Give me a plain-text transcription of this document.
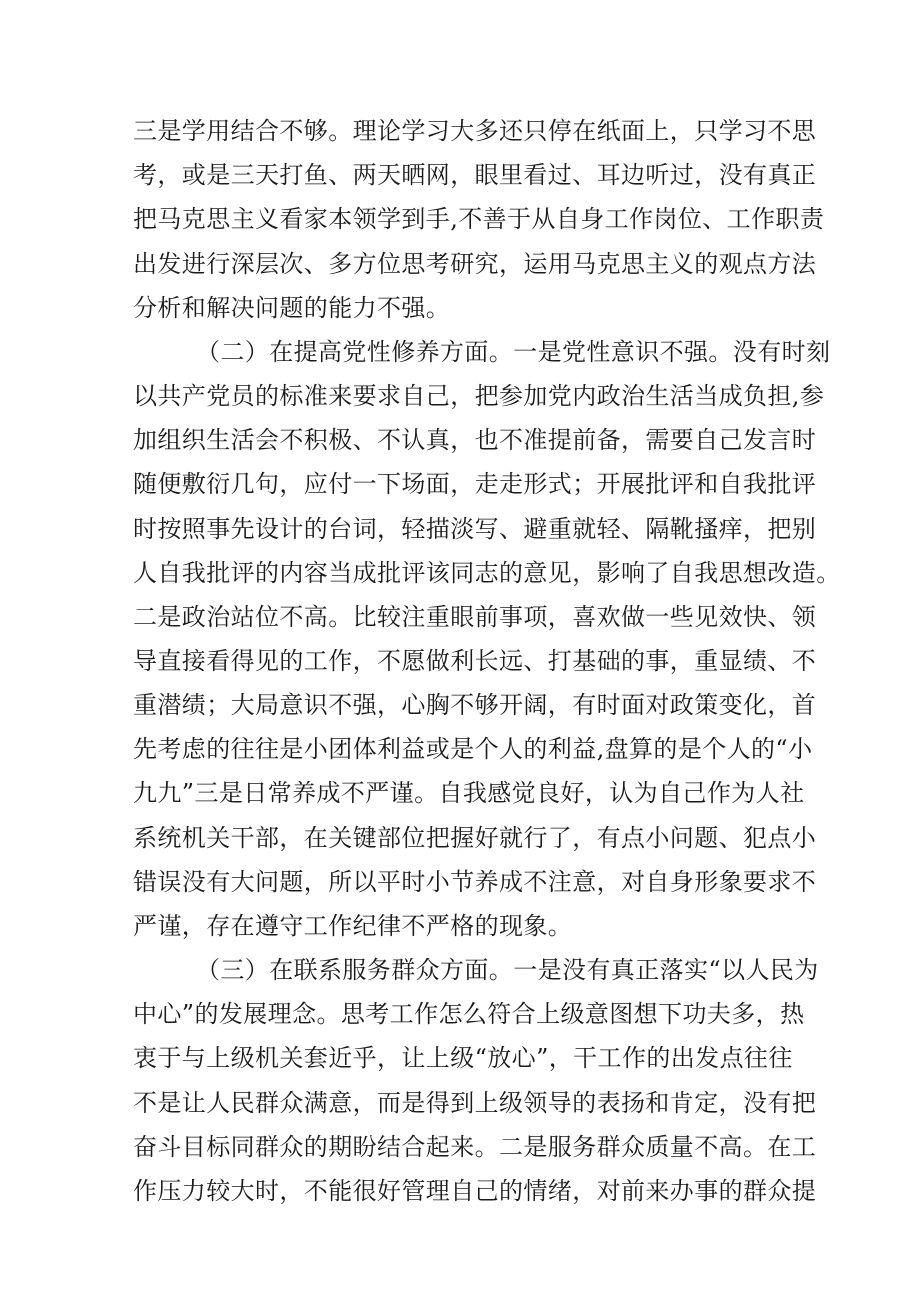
三是学用结合不够。理论学习大多还只停在纸面上，只学习不思
考，或是三天打鱼、两天晒网，眼里看过、耳边听过，没有真正
把马克思主义看家本领学到手,不善于从自身工作岗位、工作职责
出发进行深层次、多方位思考研究，运用马克思主义的观点方法
分析和解决问题的能力不强。
（二）在提高党性修养方面。一是党性意识不强。没有时刻
以共产党员的标准来要求自己，把参加党内政治生活当成负担,参
加组织生活会不积极、不认真，也不准提前备，需要自己发言时
随便敷衍几句，应付一下场面，走走形式；开展批评和自我批评
时按照事先设计的台词，轻描淡写、避重就轻、隔靴搔痒，把别
人自我批评的内容当成批评该同志的意见，影响了自我思想改造。
二是政治站位不高。比较注重眼前事项，喜欢做一些见效快、领
导直接看得见的工作，不愿做利长远、打基础的事，重显绩、不
重潜绩；大局意识不强，心胸不够开阔，有时面对政策变化，首
先考虑的往往是小团体利益或是个人的利益,盘算的是个人的“小
九九”三是日常养成不严谨。自我感觉良好，认为自己作为人社
系统机关干部，在关键部位把握好就行了，有点小问题、犯点小
错误没有大问题，所以平时小节养成不注意，对自身形象要求不
严谨，存在遵守工作纪律不严格的现象。
（三）在联系服务群众方面。一是没有真正落实“以人民为
中心”的发展理念。思考工作怎么符合上级意图想下功夫多，热
衷于与上级机关套近乎，让上级“放心”，干工作的出发点往往
不是让人民群众满意，而是得到上级领导的表扬和肯定，没有把
奋斗目标同群众的期盼结合起来。二是服务群众质量不高。在工
作压力较大时，不能很好管理自己的情绪，对前来办事的群众提
